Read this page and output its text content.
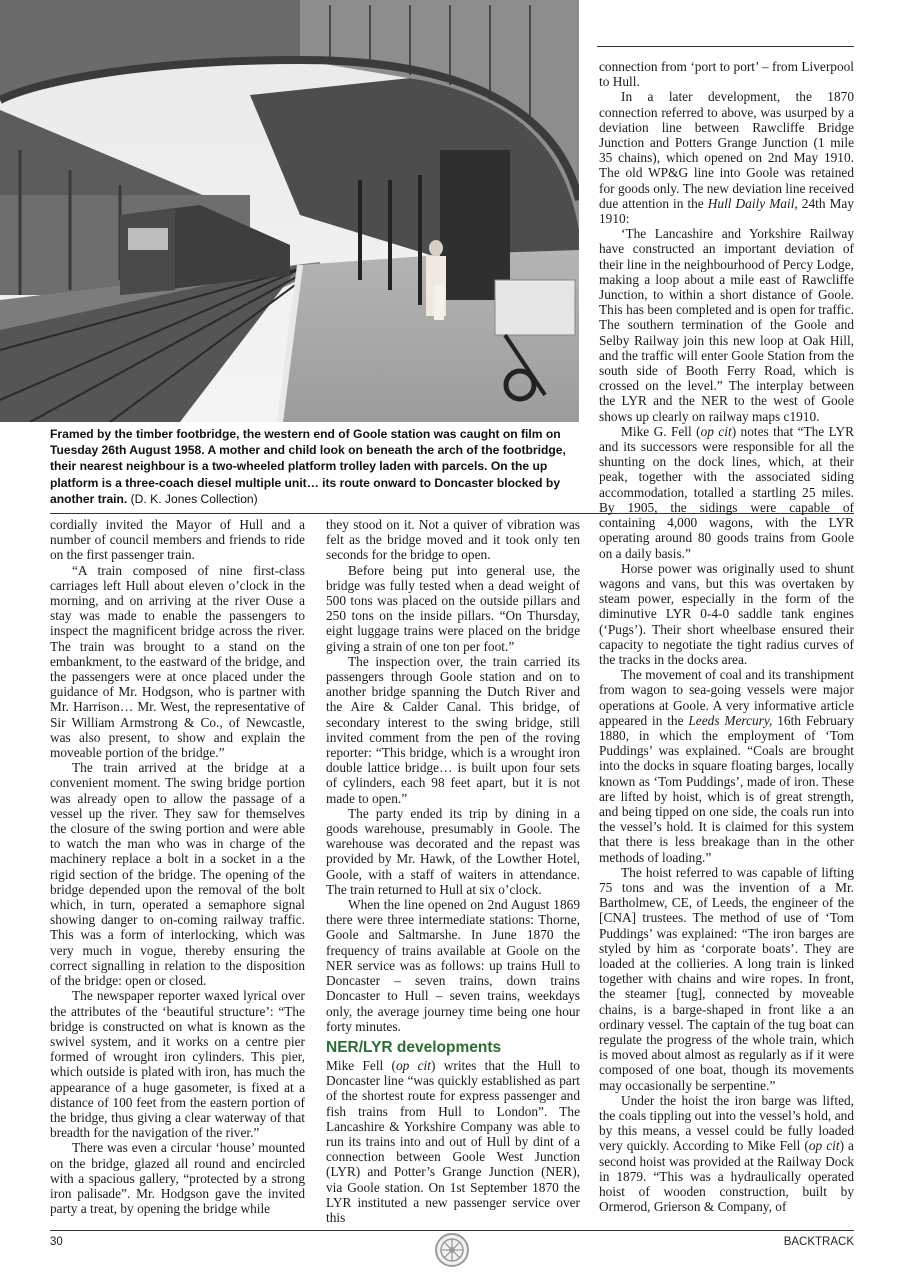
Framed by the timber footbridge, the western end of Goole station was caught on film on Tuesday 26th August 1958. A mother and child look on beneath the arch of the footbridge, their nearest neighbour is a two-wheeled platform trolley laden with parcels. On the up platform is a three-coach diesel multiple unit… its route onward to Doncaster blocked by another train. (D. K. Jones Collection)

cordially invited the Mayor of Hull and a number of council members and friends to ride on the first passenger train.

“A train composed of nine first-class carriages left Hull about eleven o’clock in the morning, and on arriving at the river Ouse a stay was made to enable the passengers to inspect the magnificent bridge across the river. The train was brought to a stand on the embankment, to the eastward of the bridge, and the passengers were at once placed under the guidance of Mr. Hodgson, who is partner with Mr. Harrison… Mr. West, the representative of Sir William Armstrong & Co., of Newcastle, was also present, to show and explain the moveable portion of the bridge.”

The train arrived at the bridge at a convenient moment. The swing bridge portion was already open to allow the passage of a vessel up the river. They saw for themselves the closure of the swing portion and were able to watch the man who was in charge of the machinery replace a bolt in a socket in a the rigid section of the bridge. The opening of the bridge depended upon the removal of the bolt which, in turn, operated a semaphore signal showing danger to on-coming railway traffic. This was a form of interlocking, which was very much in vogue, thereby ensuring the correct signalling in relation to the disposition of the bridge: open or closed.

The newspaper reporter waxed lyrical over the attributes of the ‘beautiful structure’: “The bridge is constructed on what is known as the swivel system, and it works on a centre pier formed of wrought iron cylinders. This pier, which outside is plated with iron, has much the appearance of a huge gasometer, is fixed at a distance of 100 feet from the eastern portion of the bridge, thus giving a clear waterway of that breadth for the navigation of the river.”

There was even a circular ‘house’ mounted on the bridge, glazed all round and encircled with a spacious gallery, “protected by a strong iron palisade”. Mr. Hodgson gave the invited party a treat, by opening the bridge while

they stood on it. Not a quiver of vibration was felt as the bridge moved and it took only ten seconds for the bridge to open.

Before being put into general use, the bridge was fully tested when a dead weight of 500 tons was placed on the outside pillars and 250 tons on the inside pillars. “On Thursday, eight luggage trains were placed on the bridge giving a strain of one ton per foot.”

The inspection over, the train carried its passengers through Goole station and on to another bridge spanning the Dutch River and the Aire & Calder Canal. This bridge, of secondary interest to the swing bridge, still invited comment from the pen of the roving reporter: “This bridge, which is a wrought iron double lattice bridge… is built upon four sets of cylinders, each 98 feet apart, but it is not made to open.”

The party ended its trip by dining in a goods warehouse, presumably in Goole. The warehouse was decorated and the repast was provided by Mr. Hawk, of the Lowther Hotel, Goole, with a staff of waiters in attendance. The train returned to Hull at six o’clock.

When the line opened on 2nd August 1869 there were three intermediate stations: Thorne, Goole and Saltmarshe. In June 1870 the frequency of trains available at Goole on the NER service was as follows: up trains Hull to Doncaster – seven trains, down trains Doncaster to Hull – seven trains, weekdays only, the average journey time being one hour forty minutes.

NER/LYR developments

Mike Fell (op cit) writes that the Hull to Doncaster line “was quickly established as part of the shortest route for express passenger and fish trains from Hull to London”. The Lancashire & Yorkshire Company was able to run its trains into and out of Hull by dint of a connection between Goole West Junction (LYR) and Potter’s Grange Junction (NER), via Goole station. On 1st September 1870 the LYR instituted a new passenger service over this

connection from ‘port to port’ – from Liverpool to Hull.

In a later development, the 1870 connection referred to above, was usurped by a deviation line between Rawcliffe Bridge Junction and Potters Grange Junction (1 mile 35 chains), which opened on 2nd May 1910. The old WP&G line into Goole was retained for goods only. The new deviation line received due attention in the Hull Daily Mail, 24th May 1910:

‘The Lancashire and Yorkshire Railway have constructed an important deviation of their line in the neighbourhood of Percy Lodge, making a loop about a mile east of Rawcliffe Junction, to within a short distance of Goole. This has been completed and is open for traffic. The southern termination of the Goole and Selby Railway join this new loop at Oak Hill, and the traffic will enter Goole Station from the south side of Booth Ferry Road, which is crossed on the level.” The interplay between the LYR and the NER to the west of Goole shows up clearly on railway maps c1910.

Mike G. Fell (op cit) notes that “The LYR and its successors were responsible for all the shunting on the dock lines, which, at their peak, together with the associated siding accommodation, totalled a startling 25 miles. By 1905, the sidings were capable of containing 4,000 wagons, with the LYR operating around 80 goods trains from Goole on a daily basis.”

Horse power was originally used to shunt wagons and vans, but this was overtaken by steam power, especially in the form of the diminutive LYR 0-4-0 saddle tank engines (‘Pugs’). Their short wheelbase ensured their capacity to negotiate the tight radius curves of the tracks in the docks area.

The movement of coal and its transhipment from wagon to sea-going vessels were major operations at Goole. A very informative article appeared in the Leeds Mercury, 16th February 1880, in which the employment of ‘Tom Puddings’ was explained. “Coals are brought into the docks in square floating barges, locally known as ‘Tom Puddings’, made of iron. These are lifted by hoist, which is of great strength, and being tipped on one side, the coals run into the vessel’s hold. It is claimed for this system that there is less breakage than in the other methods of loading.”

The hoist referred to was capable of lifting 75 tons and was the invention of a Mr. Bartholmew, CE, of Leeds, the engineer of the [CNA] trustees. The method of use of ‘Tom Puddings’ was explained: “The iron barges are styled by him as ‘corporate boats’. They are loaded at the collieries. A long train is linked together with chains and wire ropes. In front, the steamer [tug], connected by moveable chains, is a barge-shaped in front like a an ordinary vessel. The captain of the tug boat can regulate the progress of the whole train, which is moved about almost as regularly as if it were composed of one boat, though its movements may occasionally be serpentine.”

Under the hoist the iron barge was lifted, the coals tippling out into the vessel’s hold, and by this means, a vessel could be fully loaded very quickly. According to Mike Fell (op cit) a second hoist was provided at the Railway Dock in 1879. “This was a hydraulically operated hoist of wooden construction, built by Ormerod, Grierson & Company, of

30	BACKTRACK
